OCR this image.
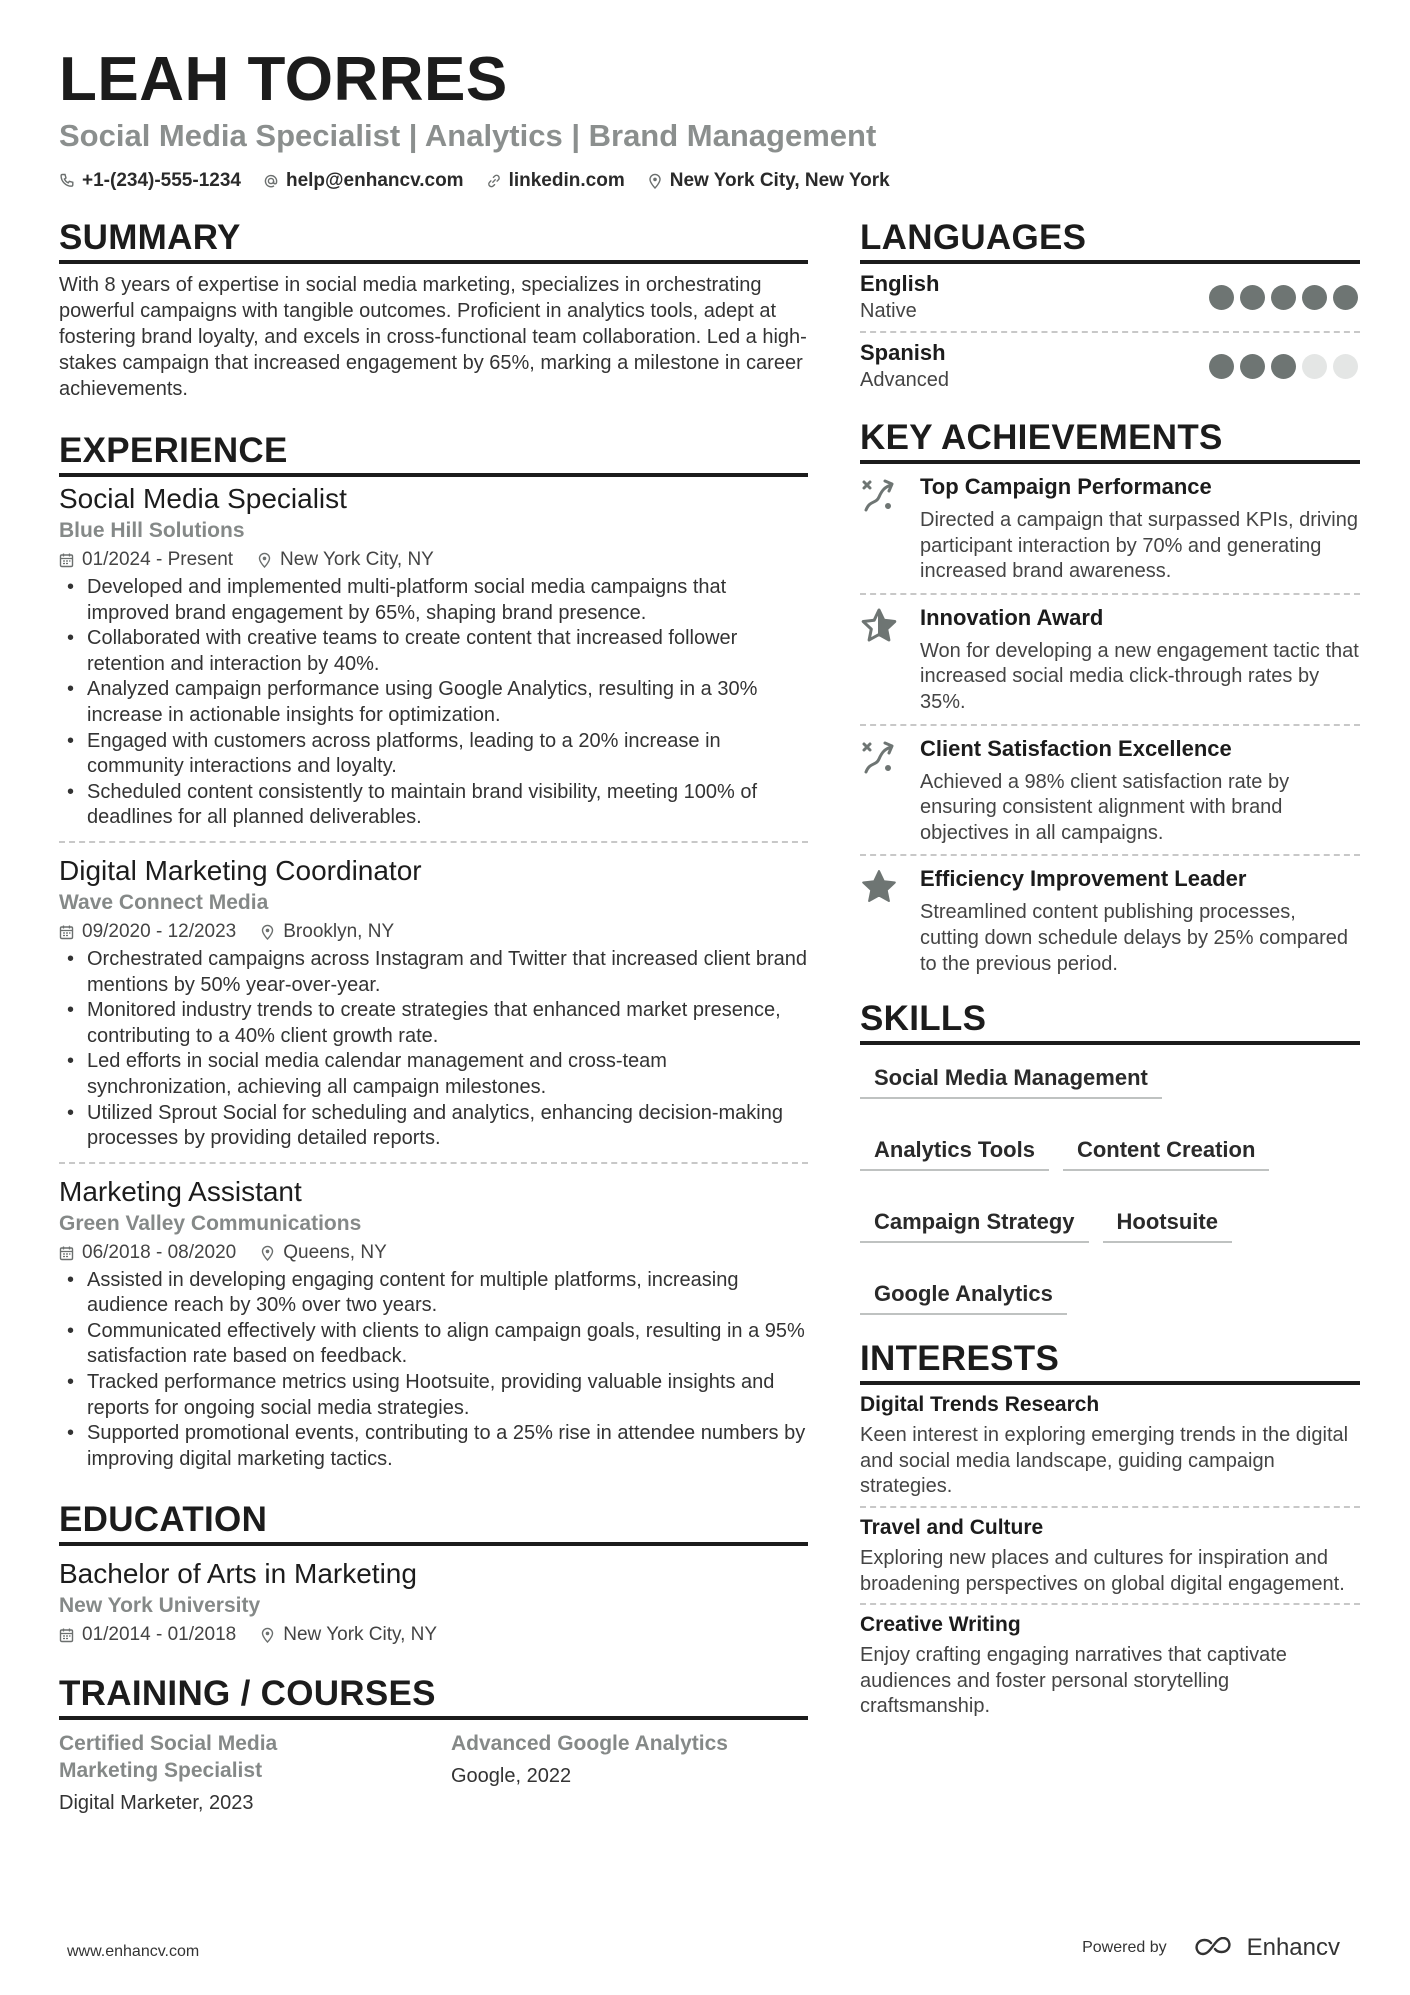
LEAH TORRES
Social Media Specialist | Analytics | Brand Management
+1-(234)-555-1234 help@enhancv.com linkedin.com New York City, New York
SUMMARY
With 8 years of expertise in social media marketing, specializes in orchestrating powerful campaigns with tangible outcomes. Proficient in analytics tools, adept at fostering brand loyalty, and excels in cross-functional team collaboration. Led a high-stakes campaign that increased engagement by 65%, marking a milestone in career achievements.
EXPERIENCE
Social Media Specialist
Blue Hill Solutions
01/2024 - Present New York City, NY
• Developed and implemented multi-platform social media campaigns that improved brand engagement by 65%, shaping brand presence.
• Collaborated with creative teams to create content that increased follower retention and interaction by 40%.
• Analyzed campaign performance using Google Analytics, resulting in a 30% increase in actionable insights for optimization.
• Engaged with customers across platforms, leading to a 20% increase in community interactions and loyalty.
• Scheduled content consistently to maintain brand visibility, meeting 100% of deadlines for all planned deliverables.
Digital Marketing Coordinator
Wave Connect Media
09/2020 - 12/2023 Brooklyn, NY
• Orchestrated campaigns across Instagram and Twitter that increased client brand mentions by 50% year-over-year.
• Monitored industry trends to create strategies that enhanced market presence, contributing to a 40% client growth rate.
• Led efforts in social media calendar management and cross-team synchronization, achieving all campaign milestones.
• Utilized Sprout Social for scheduling and analytics, enhancing decision-making processes by providing detailed reports.
Marketing Assistant
Green Valley Communications
06/2018 - 08/2020 Queens, NY
• Assisted in developing engaging content for multiple platforms, increasing audience reach by 30% over two years.
• Communicated effectively with clients to align campaign goals, resulting in a 95% satisfaction rate based on feedback.
• Tracked performance metrics using Hootsuite, providing valuable insights and reports for ongoing social media strategies.
• Supported promotional events, contributing to a 25% rise in attendee numbers by improving digital marketing tactics.
EDUCATION
Bachelor of Arts in Marketing
New York University
01/2014 - 01/2018 New York City, NY
TRAINING / COURSES
Certified Social Media Marketing Specialist
Digital Marketer, 2023
Advanced Google Analytics
Google, 2022
LANGUAGES
English
Native
Spanish
Advanced
KEY ACHIEVEMENTS
Top Campaign Performance
Directed a campaign that surpassed KPIs, driving participant interaction by 70% and generating increased brand awareness.
Innovation Award
Won for developing a new engagement tactic that increased social media click-through rates by 35%.
Client Satisfaction Excellence
Achieved a 98% client satisfaction rate by ensuring consistent alignment with brand objectives in all campaigns.
Efficiency Improvement Leader
Streamlined content publishing processes, cutting down schedule delays by 25% compared to the previous period.
SKILLS
Social Media Management
Analytics Tools	Content Creation
Campaign Strategy	Hootsuite
Google Analytics
INTERESTS
Digital Trends Research
Keen interest in exploring emerging trends in the digital and social media landscape, guiding campaign strategies.
Travel and Culture
Exploring new places and cultures for inspiration and broadening perspectives on global digital engagement.
Creative Writing
Enjoy crafting engaging narratives that captivate audiences and foster personal storytelling craftsmanship.
www.enhancv.com	Powered by	Enhancv
